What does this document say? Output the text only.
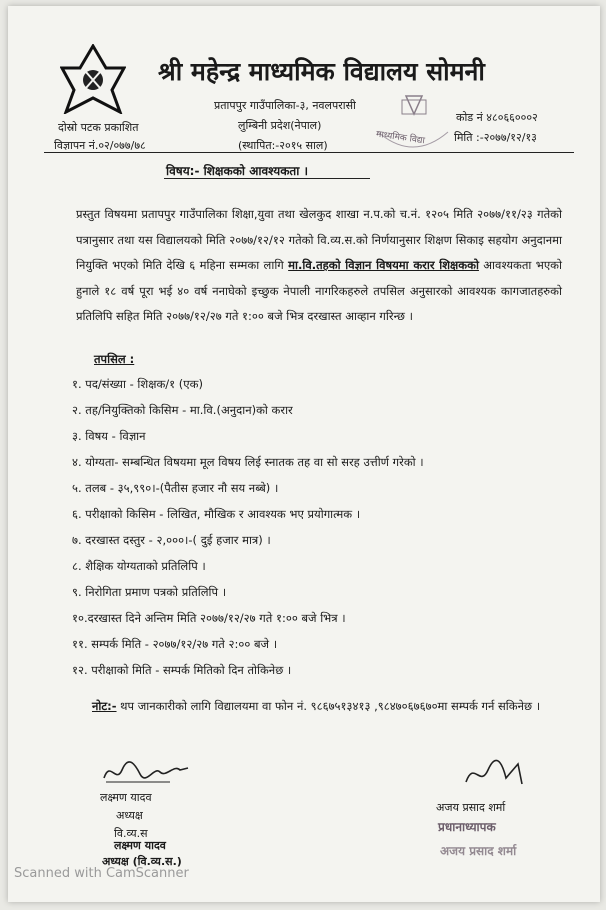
श्री महेन्द्र माध्यमिक विद्यालय सोमनी
प्रतापपुर गाउँपालिका-३, नवलपरासी
लुम्बिनी प्रदेश(नेपाल)
(स्थापित:-२०१५ साल)	माध्यमिक विद्या
कोड नं ४८०६६०००२
मिति :-२०७७/१२/१३
दोस्रो पटक प्रकाशित
विज्ञापन नं.०२/०७७/७८
विषय:- शिक्षकको आवश्यकता ।
प्रस्तुत विषयमा प्रतापपुर गाउँपालिका शिक्षा,युवा तथा खेलकुद शाखा न.प.को च.नं. १२०५ मिति २०७७/११/२३ गतेको पत्रानुसार तथा यस विद्यालयको मिति २०७७/१२/१२ गतेको वि.व्य.स.को निर्णयानुसार शिक्षण सिकाइ सहयोग अनुदानमा नियुक्ति भएको मिति देखि ६ महिना सम्मका लागि मा.वि.तहको विज्ञान विषयमा करार शिक्षकको आवश्यकता भएको हुनाले १८ वर्ष पूरा भई ४० वर्ष ननाघेको इच्छुक नेपाली नागरिकहरुले तपसिल अनुसारको आवश्यक कागजातहरुको प्रतिलिपि सहित मिति २०७७/१२/२७ गते १:०० बजे भित्र दरखास्त आव्हान गरिन्छ ।
तपसिल :
१. पद/संख्या - शिक्षक/१ (एक)
२. तह/नियुक्तिको किसिम - मा.वि.(अनुदान)को करार
३. विषय - विज्ञान
४. योग्यता- सम्बन्धित विषयमा मूल विषय लिई स्नातक तह वा सो सरह उत्तीर्ण गरेको ।
५. तलब - ३५,९९०।-(पैतीस हजार नौ सय नब्बे) ।
६. परीक्षाको किसिम - लिखित, मौखिक र आवश्यक भए प्रयोगात्मक ।
७. दरखास्त दस्तुर - २,०००।-( दुई हजार मात्र) ।
८. शैक्षिक योग्यताको प्रतिलिपि ।
९. निरोगिता प्रमाण पत्रको प्रतिलिपि ।
१०.दरखास्त दिने अन्तिम मिति २०७७/१२/२७ गते १:०० बजे भित्र ।
११. सम्पर्क मिति - २०७७/१२/२७ गते २:०० बजे ।
१२. परीक्षाको मिति - सम्पर्क मितिको दिन तोकिनेछ ।
नोट:- थप जानकारीको लागि विद्यालयमा वा फोन नं. ९८६७५१३४१३ ,९८४७०६७६७०मा सम्पर्क गर्न सकिनेछ ।
लक्ष्मण यादव
अध्यक्ष
वि.व्य.स
लक्ष्मण यादव
अध्यक्ष (वि.व्य.स.)
अजय प्रसाद शर्मा
प्रधानाध्यापक
अजय प्रसाद शर्मा
Scanned with CamScanner
